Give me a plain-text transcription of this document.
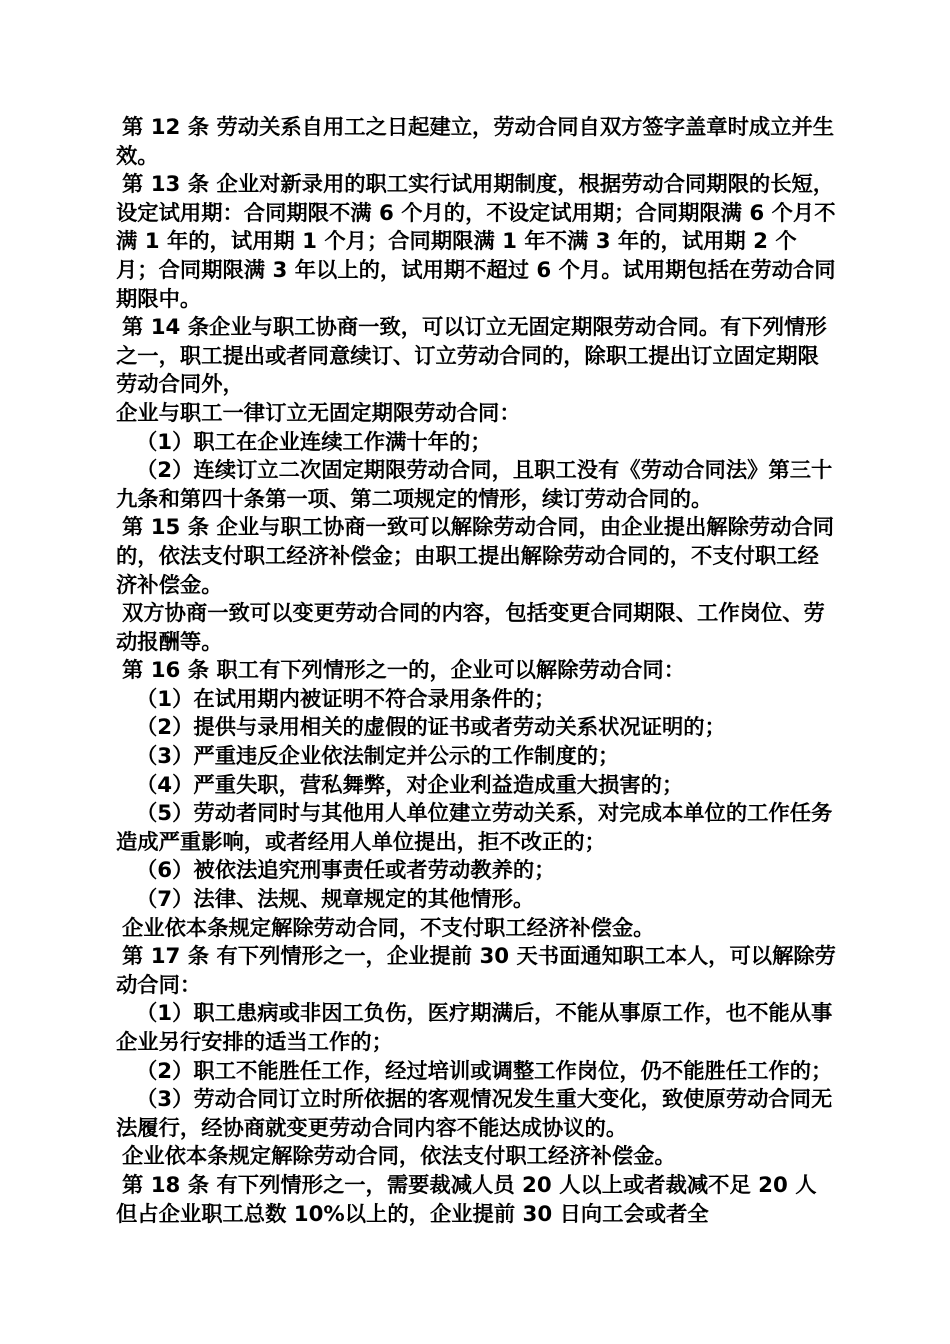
第 12 条 劳动关系自用工之日起建立，劳动合同自双方签字盖章时成立并生效。

第 13 条 企业对新录用的职工实行试用期制度，根据劳动合同期限的长短，设定试用期：合同期限不满 6 个月的，不设定试用期；合同期限满 6 个月不满 1 年的，试用期 1 个月；合同期限满 1 年不满 3 年的，试用期 2 个月；合同期限满 3 年以上的，试用期不超过 6 个月。试用期包括在劳动合同期限中。

第 14 条企业与职工协商一致，可以订立无固定期限劳动合同。有下列情形之一，职工提出或者同意续订、订立劳动合同的，除职工提出订立固定期限劳动合同外，

企业与职工一律订立无固定期限劳动合同：

（1）职工在企业连续工作满十年的；

（2）连续订立二次固定期限劳动合同，且职工没有《劳动合同法》第三十九条和第四十条第一项、第二项规定的情形，续订劳动合同的。

第 15 条 企业与职工协商一致可以解除劳动合同，由企业提出解除劳动合同的，依法支付职工经济补偿金；由职工提出解除劳动合同的，不支付职工经济补偿金。

双方协商一致可以变更劳动合同的内容，包括变更合同期限、工作岗位、劳动报酬等。

第 16 条 职工有下列情形之一的，企业可以解除劳动合同：

（1）在试用期内被证明不符合录用条件的；

（2）提供与录用相关的虚假的证书或者劳动关系状况证明的；

（3）严重违反企业依法制定并公示的工作制度的；

（4）严重失职，营私舞弊，对企业利益造成重大损害的；

（5）劳动者同时与其他用人单位建立劳动关系，对完成本单位的工作任务造成严重影响，或者经用人单位提出，拒不改正的；

（6）被依法追究刑事责任或者劳动教养的；

（7）法律、法规、规章规定的其他情形。

企业依本条规定解除劳动合同，不支付职工经济补偿金。

第 17 条 有下列情形之一，企业提前 30 天书面通知职工本人，可以解除劳动合同：

（1）职工患病或非因工负伤，医疗期满后，不能从事原工作，也不能从事企业另行安排的适当工作的；

（2）职工不能胜任工作，经过培训或调整工作岗位，仍不能胜任工作的；

（3）劳动合同订立时所依据的客观情况发生重大变化，致使原劳动合同无法履行，经协商就变更劳动合同内容不能达成协议的。

企业依本条规定解除劳动合同，依法支付职工经济补偿金。

第 18 条 有下列情形之一，需要裁减人员 20 人以上或者裁减不足 20 人但占企业职工总数 10%以上的，企业提前 30 日向工会或者全
